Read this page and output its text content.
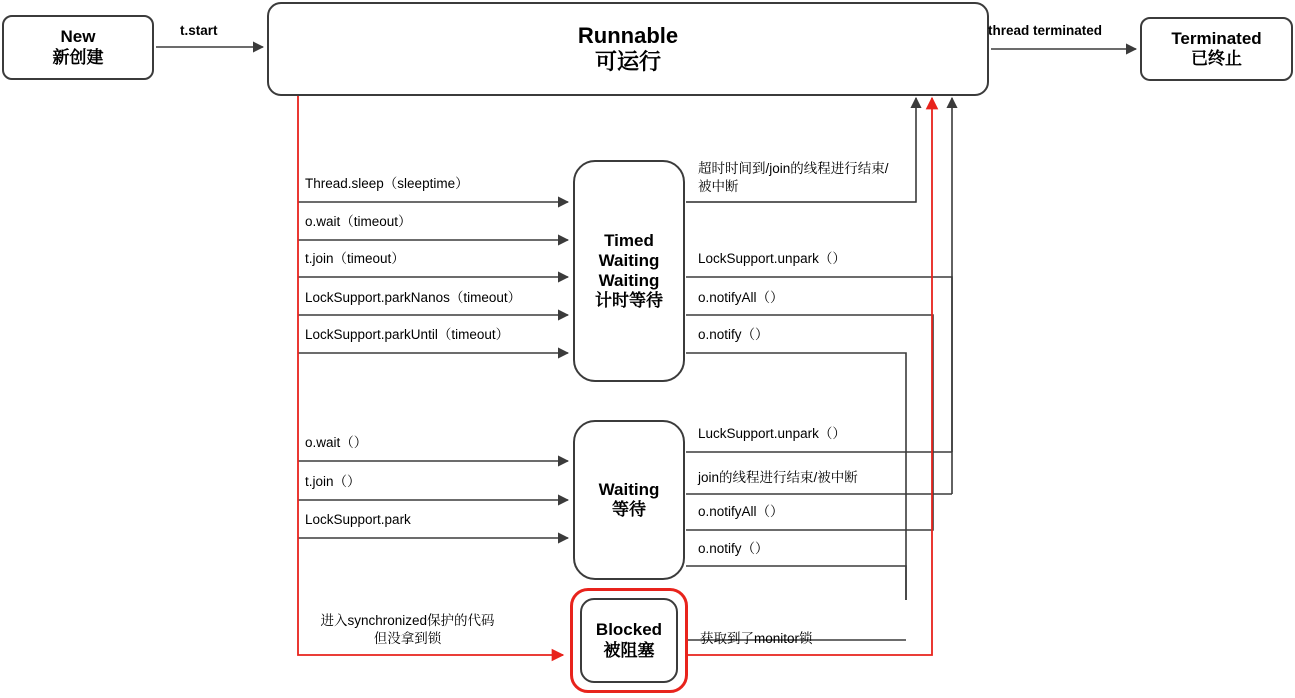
New
新创建
Runnable
可运行
Terminated
已终止
Timed Waiting
Waiting
计时等待
Waiting
等待
Blocked
被阻塞
t.start	thread terminated
Thread.sleep（sleeptime）
o.wait（timeout）
t.join（timeout）
LockSupport.parkNanos（timeout）
LockSupport.parkUntil（timeout）
超时时间到/join的线程进行结束/
被中断
LockSupport.unpark（）
o.notifyAll（）
o.notify（）
o.wait（）
t.join（）
LockSupport.park
LuckSupport.unpark（）
join的线程进行结束/被中断
o.notifyAll（）
o.notify（）
进入synchronized保护的代码
但没拿到锁	获取到了monitor锁
